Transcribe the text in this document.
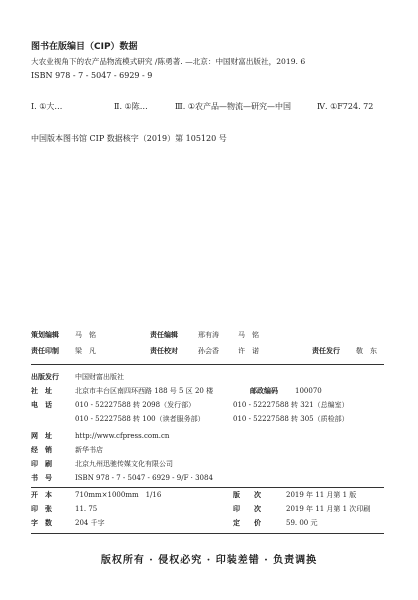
图书在版编目（CIP）数据
大农业视角下的农产品物流模式研究 /陈勇著. —北京：中国财富出版社，2019. 6
ISBN 978 - 7 - 5047 - 6929 - 9
Ⅰ. ①大…	Ⅱ. ①陈…	Ⅲ. ①农产品—物流—研究—中国	Ⅳ. ①F724. 72
中国版本图书馆 CIP 数据核字（2019）第 105120 号
策划编辑 马　铭	责任编辑	邢有涛	马　铭
责任印制 梁　凡	责任校对	孙会香	许　诺	责任发行 敬　东
出版发行 中国财富出版社
社　址	北京市丰台区南四环西路 188 号 5 区 20 楼	邮政编码 100070
电　话	010 - 52227588 转 2098（发行部）	010 - 52227588 转 321（总编室）
010 - 52227588 转 100（读者服务部）	010 - 52227588 转 305（质检部）
网　址	http://www.cfpress.com.cn
经　销	新华书店
印　刷	北京九州迅驰传媒文化有限公司
书　号	ISBN 978 - 7 - 5047 - 6929 - 9/F · 3084
开　本	710mm×1000mm　1/16	版　　次	2019 年 11 月第 1 版
印　张	11. 75	印　　次	2019 年 11 月第 1 次印刷
字　数	204 千字	定　　价	59. 00 元
版权所有 · 侵权必究 · 印装差错 · 负责调换
